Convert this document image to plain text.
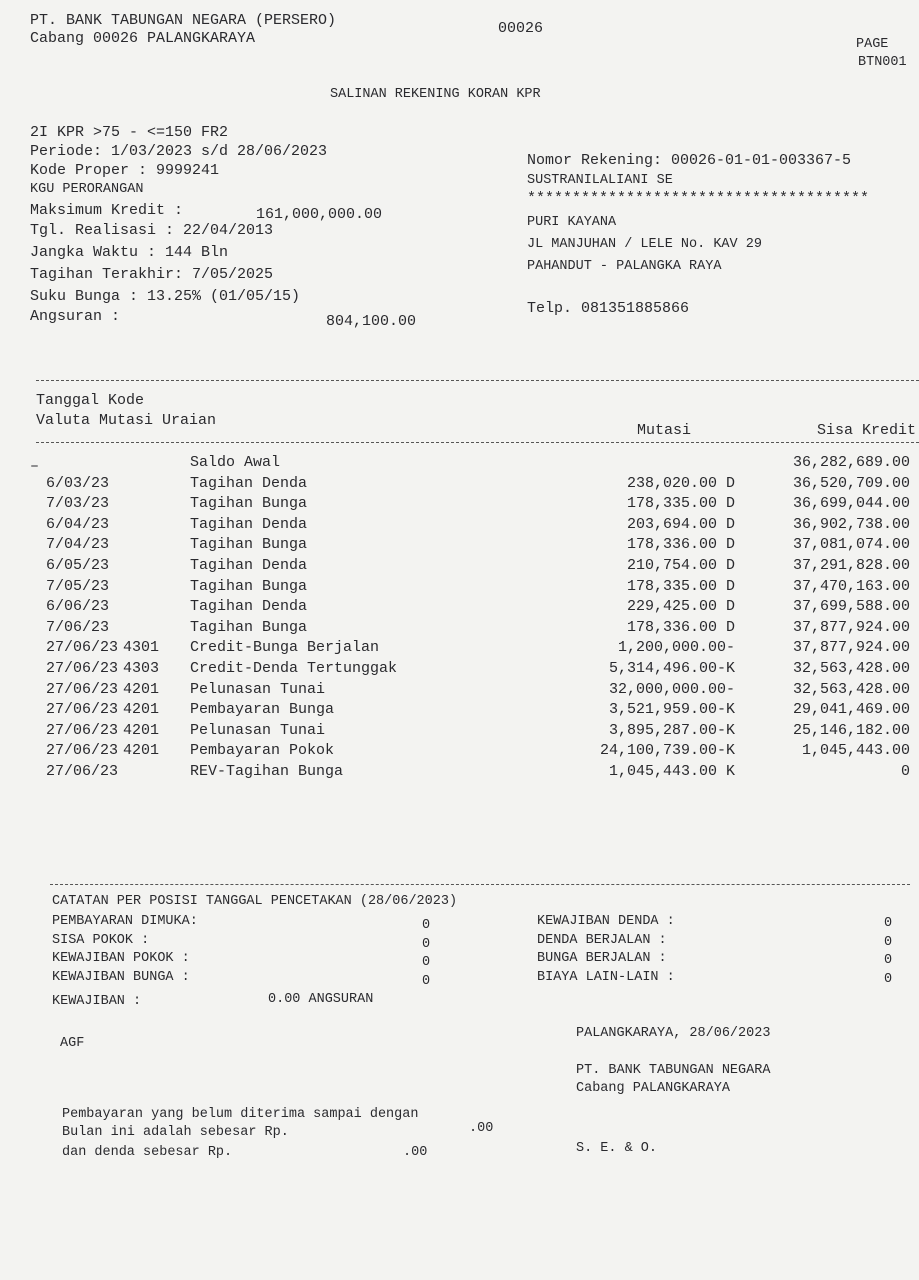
PT. BANK TABUNGAN NEGARA (PERSERO)
Cabang 00026 PALANGKARAYA
00026
PAGE
BTN001
SALINAN REKENING KORAN KPR
2I KPR >75 - <=150 FR2
Periode: 1/03/2023 s/d 28/06/2023
Kode Proper : 9999241
KGU PERORANGAN
Maksimum Kredit :	161,000,000.00
Tgl. Realisasi : 22/04/2013
Jangka Waktu : 144 Bln
Tagihan Terakhir: 7/05/2025
Suku Bunga : 13.25% (01/05/15)
Angsuran :	804,100.00
Nomor Rekening: 00026-01-01-003367-5
SUSTRANILALIANI SE
**************************************
PURI KAYANA
JL MANJUHAN / LELE No. KAV 29
PAHANDUT - PALANGKA RAYA
Telp. 081351885866
Tanggal Kode
Valuta Mutasi Uraian
Mutasi	Sisa Kredit
–	Saldo Awal	36,282,689.00
6/03/23	Tagihan Denda	238,020.00 D	36,520,709.00
7/03/23	Tagihan Bunga	178,335.00 D	36,699,044.00
6/04/23	Tagihan Denda	203,694.00 D	36,902,738.00
7/04/23	Tagihan Bunga	178,336.00 D	37,081,074.00
6/05/23	Tagihan Denda	210,754.00 D	37,291,828.00
7/05/23	Tagihan Bunga	178,335.00 D	37,470,163.00
6/06/23	Tagihan Denda	229,425.00 D	37,699,588.00
7/06/23	Tagihan Bunga	178,336.00 D	37,877,924.00
27/06/23 4301 Credit-Bunga Berjalan	1,200,000.00-	37,877,924.00
27/06/23 4303 Credit-Denda Tertunggak	5,314,496.00-K	32,563,428.00
27/06/23 4201 Pelunasan Tunai	32,000,000.00-	32,563,428.00
27/06/23 4201 Pembayaran Bunga	3,521,959.00-K	29,041,469.00
27/06/23 4201 Pelunasan Tunai	3,895,287.00-K	25,146,182.00
27/06/23 4201 Pembayaran Pokok	24,100,739.00-K	1,045,443.00
27/06/23	REV-Tagihan Bunga	1,045,443.00 K	0
CATATAN PER POSISI TANGGAL PENCETAKAN (28/06/2023)
PEMBAYARAN DIMUKA:	0
SISA POKOK :	0
KEWAJIBAN POKOK :	0
KEWAJIBAN BUNGA :	0
KEWAJIBAN DENDA :	0
DENDA BERJALAN :	0
BUNGA BERJALAN :	0
BIAYA LAIN-LAIN :	0
KEWAJIBAN :	0.00 ANGSURAN
AGF
PALANGKARAYA, 28/06/2023
PT. BANK TABUNGAN NEGARA
Cabang PALANGKARAYA
Pembayaran yang belum diterima sampai dengan
Bulan ini adalah sebesar Rp.	.00
dan denda sebesar Rp.	.00	S. E. & O.
